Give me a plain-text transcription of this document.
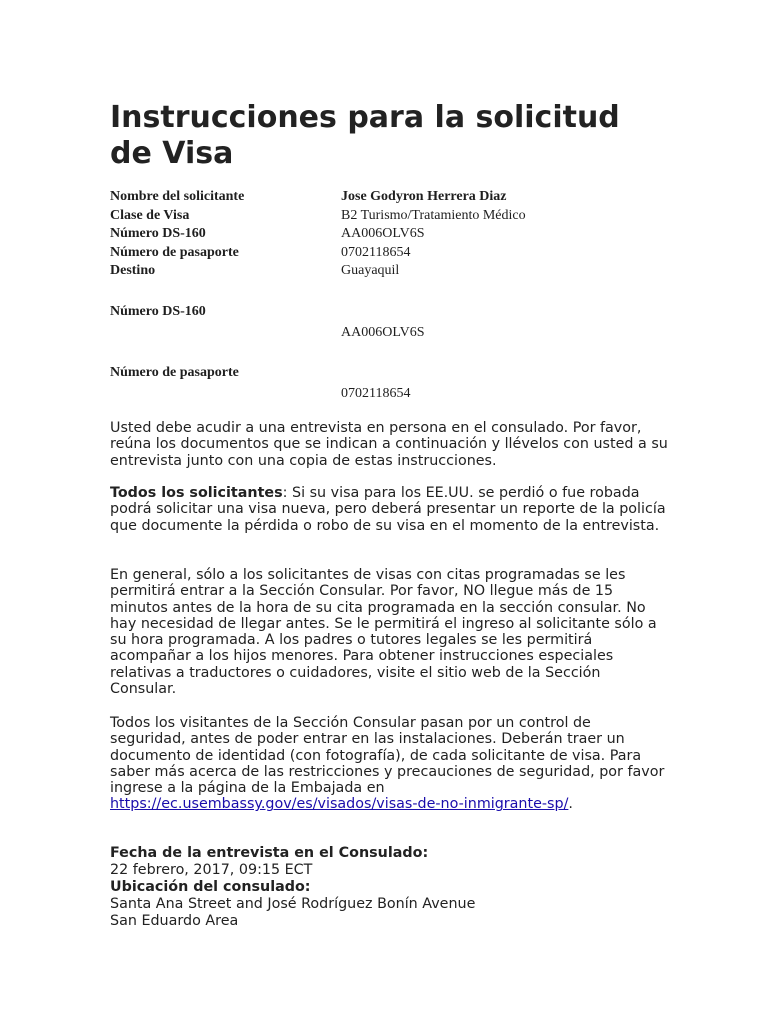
Instrucciones para la solicitud de Visa
Nombre del solicitante	Jose Godyron Herrera Diaz
Clase de Visa	B2 Turismo/Tratamiento Médico
Número DS-160	AA006OLV6S
Número de pasaporte	0702118654
Destino	Guayaquil
Número DS-160
AA006OLV6S
Número de pasaporte
0702118654

Usted debe acudir a una entrevista en persona en el consulado. Por favor, reúna los documentos que se indican a continuación y llévelos con usted a su entrevista junto con una copia de estas instrucciones.

Todos los solicitantes: Si su visa para los EE.UU. se perdió o fue robada podrá solicitar una visa nueva, pero deberá presentar un reporte de la policía que documente la pérdida o robo de su visa en el momento de la entrevista.

En general, sólo a los solicitantes de visas con citas programadas se les permitirá entrar a la Sección Consular. Por favor, NO llegue más de 15 minutos antes de la hora de su cita programada en la sección consular. No hay necesidad de llegar antes. Se le permitirá el ingreso al solicitante sólo a su hora programada. A los padres o tutores legales se les permitirá acompañar a los hijos menores. Para obtener instrucciones especiales relativas a traductores o cuidadores, visite el sitio web de la Sección Consular.

Todos los visitantes de la Sección Consular pasan por un control de seguridad, antes de poder entrar en las instalaciones. Deberán traer un documento de identidad (con fotografía), de cada solicitante de visa. Para saber más acerca de las restricciones y precauciones de seguridad, por favor ingrese a la página de la Embajada en https://ec.usembassy.gov/es/visados/visas-de-no-inmigrante-sp/.

Fecha de la entrevista en el Consulado:
22 febrero, 2017, 09:15 ECT
Ubicación del consulado:
Santa Ana Street and José Rodríguez Bonín Avenue
San Eduardo Area
